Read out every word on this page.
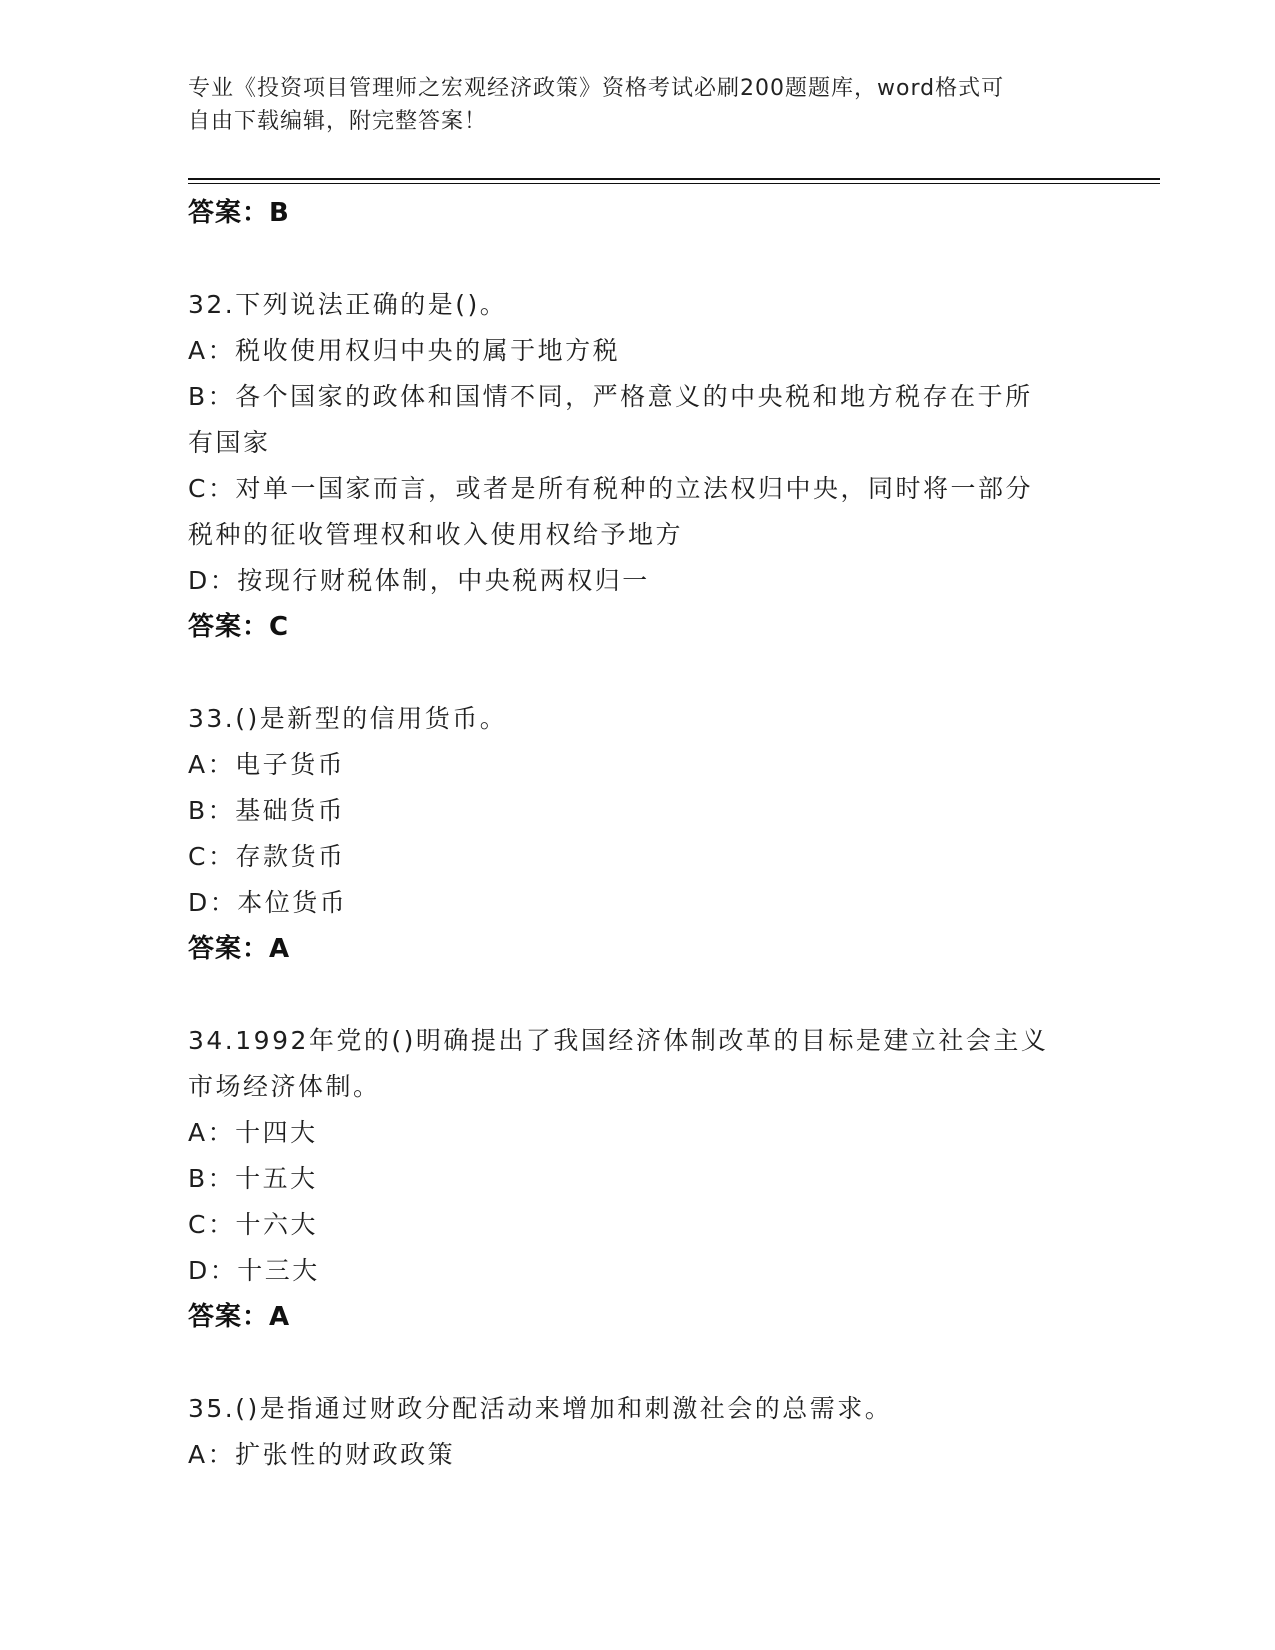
专业《投资项目管理师之宏观经济政策》资格考试必刷200题题库，word格式可
自由下载编辑，附完整答案！
答案：B
32.下列说法正确的是()。
A：税收使用权归中央的属于地方税
B：各个国家的政体和国情不同，严格意义的中央税和地方税存在于所
有国家
C：对单一国家而言，或者是所有税种的立法权归中央，同时将一部分
税种的征收管理权和收入使用权给予地方
D：按现行财税体制，中央税两权归一
答案：C
33.()是新型的信用货币。
A：电子货币
B：基础货币
C：存款货币
D：本位货币
答案：A
34.1992年党的()明确提出了我国经济体制改革的目标是建立社会主义
市场经济体制。
A：十四大
B：十五大
C：十六大
D：十三大
答案：A
35.()是指通过财政分配活动来增加和刺激社会的总需求。
A：扩张性的财政政策
